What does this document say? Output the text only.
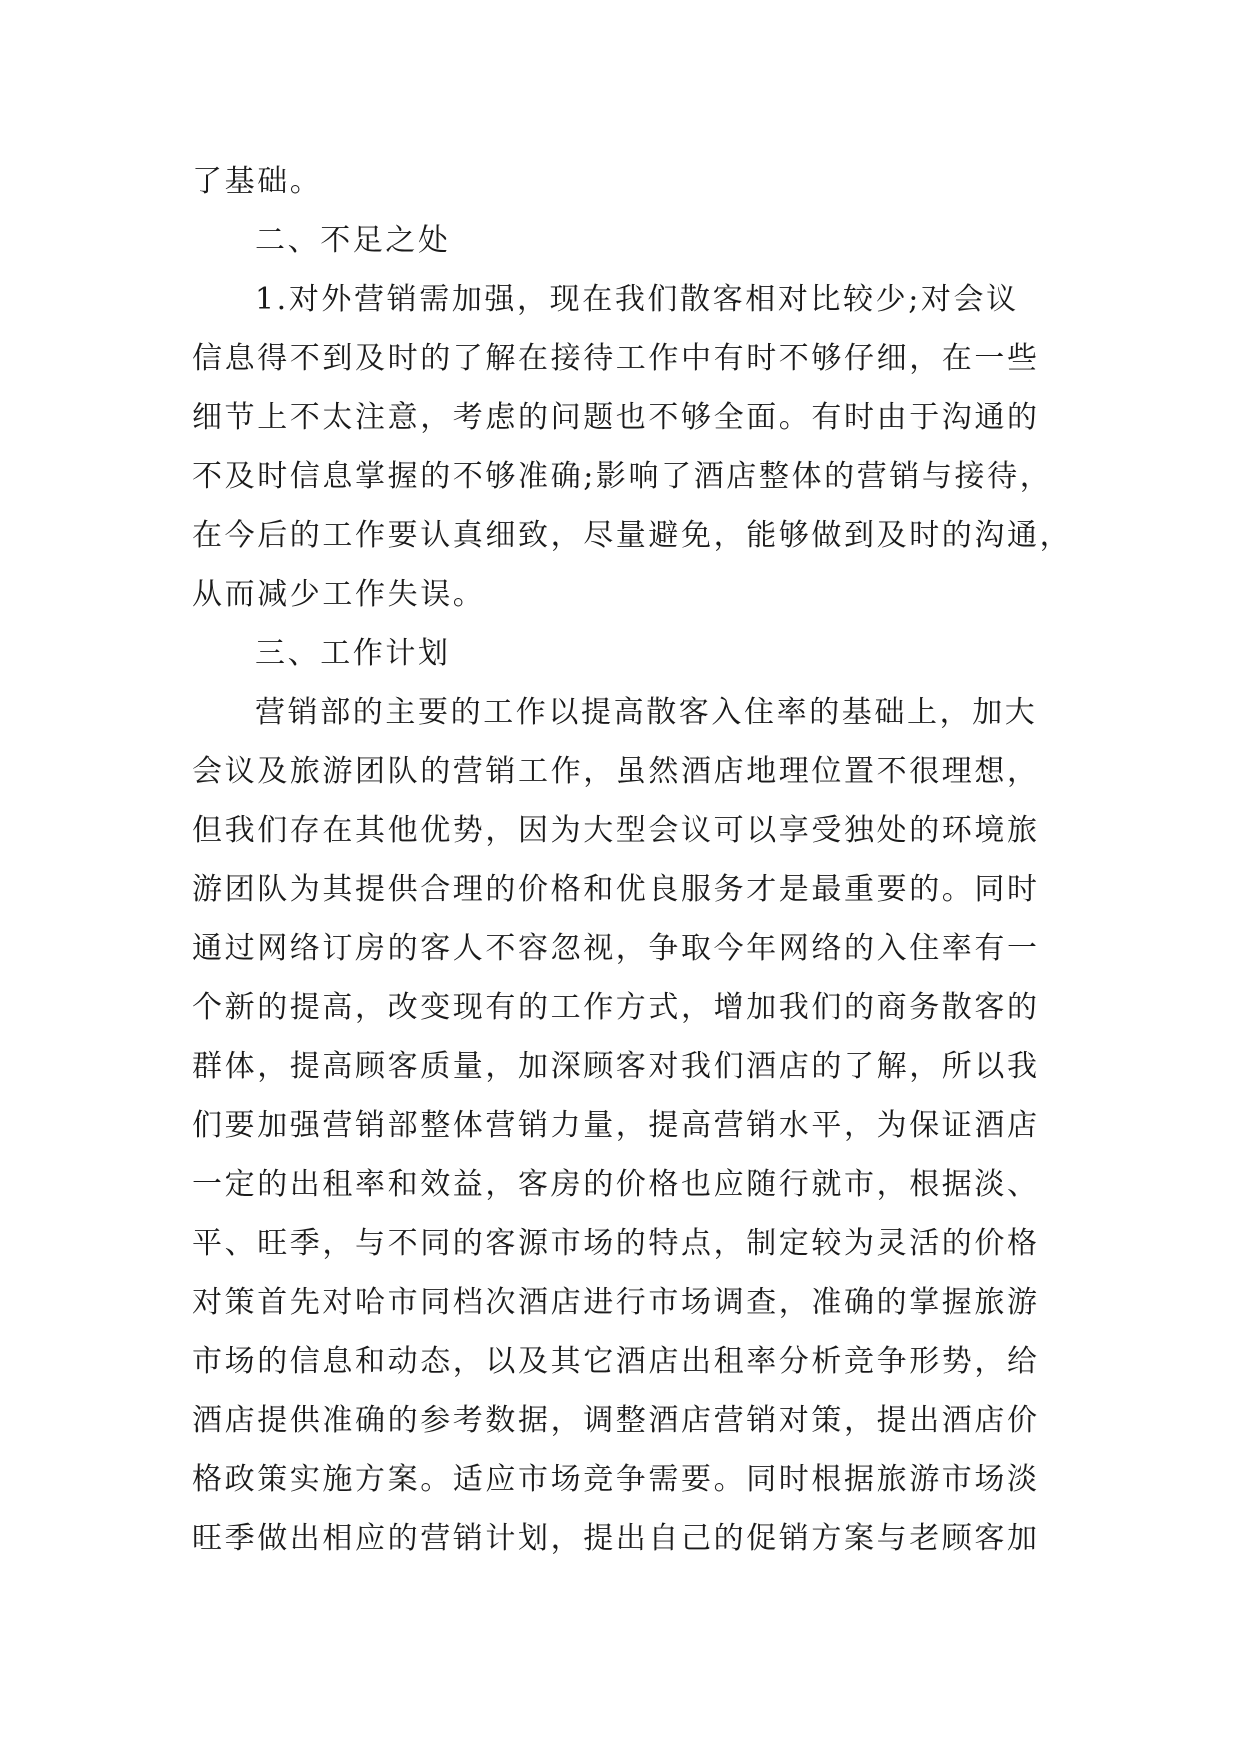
了基础。
二、不足之处
1.对外营销需加强，现在我们散客相对比较少;对会议
信息得不到及时的了解在接待工作中有时不够仔细，在一些
细节上不太注意，考虑的问题也不够全面。有时由于沟通的
不及时信息掌握的不够准确;影响了酒店整体的营销与接待，
在今后的工作要认真细致，尽量避免，能够做到及时的沟通，
从而减少工作失误。
三、工作计划
营销部的主要的工作以提高散客入住率的基础上，加大
会议及旅游团队的营销工作，虽然酒店地理位置不很理想，
但我们存在其他优势，因为大型会议可以享受独处的环境旅
游团队为其提供合理的价格和优良服务才是最重要的。同时
通过网络订房的客人不容忽视，争取今年网络的入住率有一
个新的提高，改变现有的工作方式，增加我们的商务散客的
群体，提高顾客质量，加深顾客对我们酒店的了解，所以我
们要加强营销部整体营销力量，提高营销水平，为保证酒店
一定的出租率和效益，客房的价格也应随行就市，根据淡、
平、旺季，与不同的客源市场的特点，制定较为灵活的价格
对策首先对哈市同档次酒店进行市场调查，准确的掌握旅游
市场的信息和动态，以及其它酒店出租率分析竞争形势，给
酒店提供准确的参考数据，调整酒店营销对策，提出酒店价
格政策实施方案。适应市场竞争需要。同时根据旅游市场淡
旺季做出相应的营销计划，提出自己的促销方案与老顾客加
